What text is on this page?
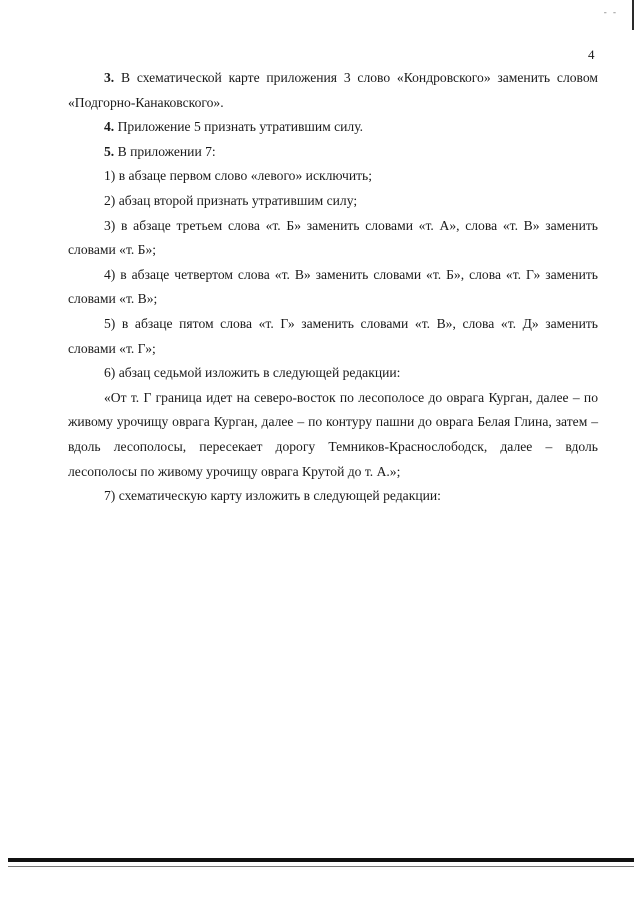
- -
4

3. В схематической карте приложения 3 слово «Кондровского» заменить словом «Подгорно-Канаковского».

4. Приложение 5 признать утратившим силу.

5. В приложении 7:

1) в абзаце первом слово «левого» исключить;

2) абзац второй признать утратившим силу;

3) в абзаце третьем слова «т. Б» заменить словами «т. А», слова «т. В» заменить словами «т. Б»;

4) в абзаце четвертом слова «т. В» заменить словами «т. Б», слова «т. Г» заменить словами «т. В»;

5) в абзаце пятом слова «т. Г» заменить словами «т. В», слова «т. Д» заменить словами «т. Г»;

6) абзац седьмой изложить в следующей редакции:

«От т. Г граница идет на северо-восток по лесополосе до оврага Курган, далее – по живому урочищу оврага Курган, далее – по контуру пашни до оврага Белая Глина, затем – вдоль лесополосы, пересекает дорогу Темников-Краснослободск, далее – вдоль лесополосы по живому урочищу оврага Крутой до т. А.»;

7) схематическую карту изложить в следующей редакции:
